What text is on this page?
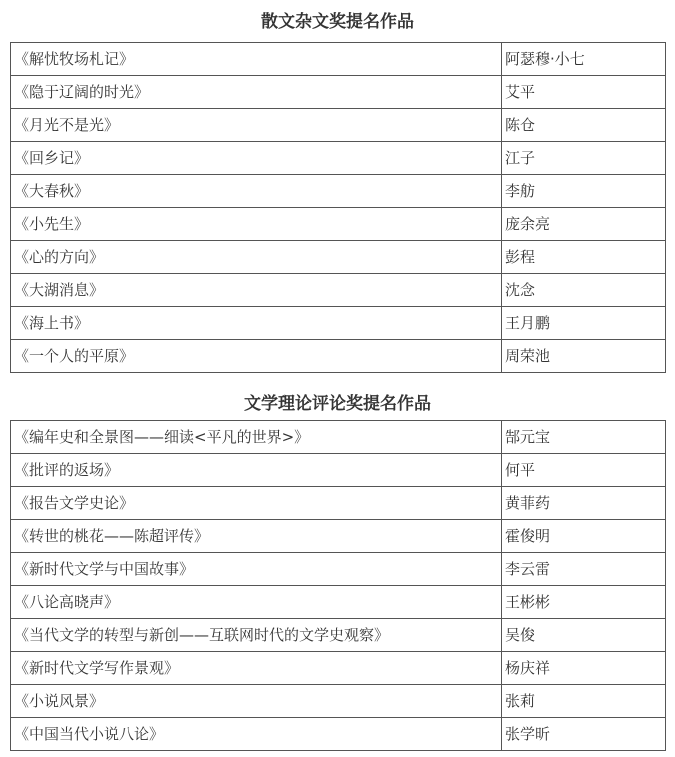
散文杂文奖提名作品
《解忧牧场札记》	阿瑟穆·小七
《隐于辽阔的时光》	艾平
《月光不是光》	陈仓
《回乡记》	江子
《大春秋》	李舫
《小先生》	庞余亮
《心的方向》	彭程
《大湖消息》	沈念
《海上书》	王月鹏
《一个人的平原》	周荣池
文学理论评论奖提名作品
《编年史和全景图——细读<平凡的世界>》	郜元宝
《批评的返场》	何平
《报告文学史论》	黄菲药
《转世的桃花——陈超评传》	霍俊明
《新时代文学与中国故事》	李云雷
《八论高晓声》	王彬彬
《当代文学的转型与新创——互联网时代的文学史观察》	吴俊
《新时代文学写作景观》	杨庆祥
《小说风景》	张莉
《中国当代小说八论》	张学昕
